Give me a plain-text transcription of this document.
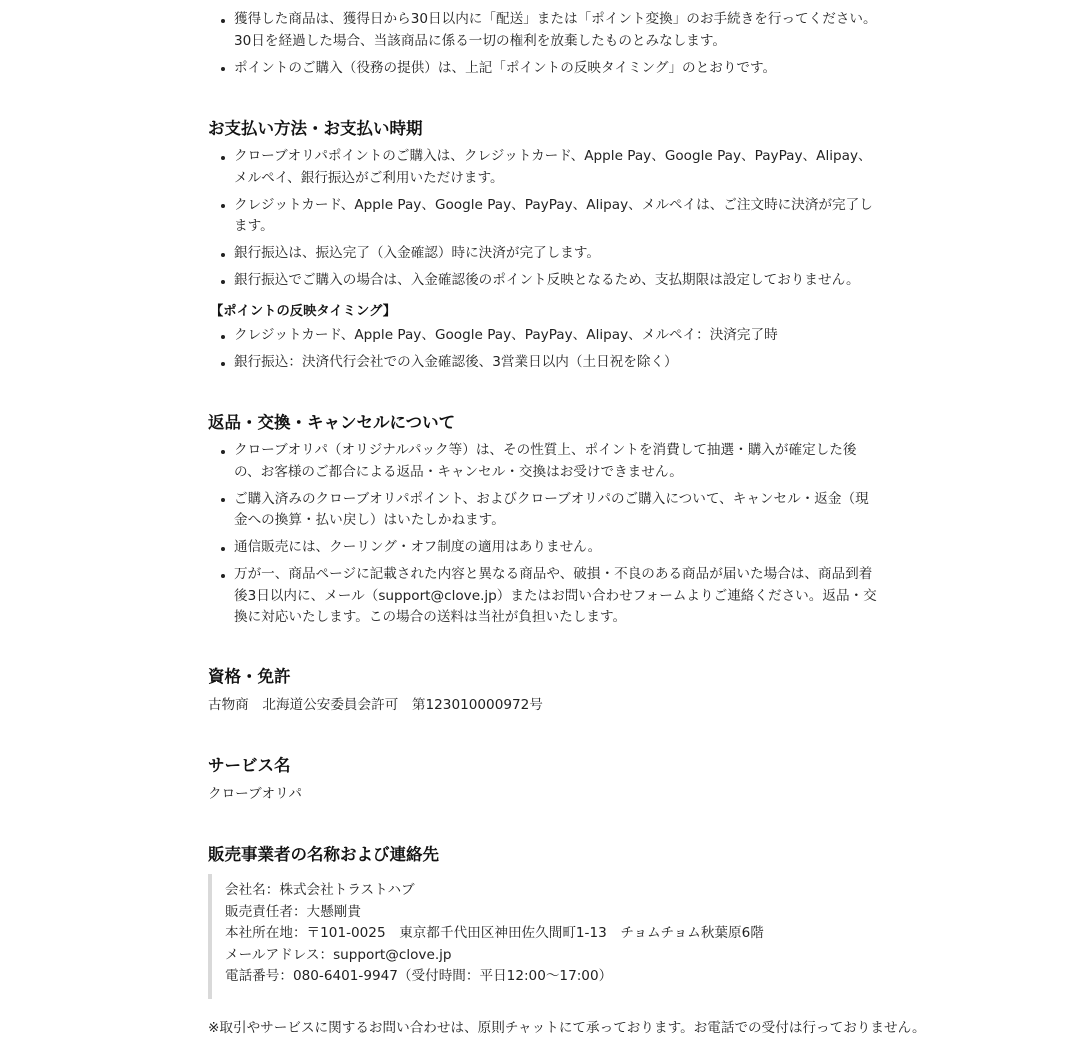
獲得した商品は、獲得日から30日以内に「配送」または「ポイント変換」のお手続きを行ってください。30日を経過した場合、当該商品に係る一切の権利を放棄したものとみなします。
ポイントのご購入（役務の提供）は、上記「ポイントの反映タイミング」のとおりです。
お支払い方法・お支払い時期
クローブオリパポイントのご購入は、クレジットカード、Apple Pay、Google Pay、PayPay、Alipay、メルペイ、銀行振込がご利用いただけます。
クレジットカード、Apple Pay、Google Pay、PayPay、Alipay、メルペイは、ご注文時に決済が完了します。
銀行振込は、振込完了（入金確認）時に決済が完了します。
銀行振込でご購入の場合は、入金確認後のポイント反映となるため、支払期限は設定しておりません。
【ポイントの反映タイミング】
クレジットカード、Apple Pay、Google Pay、PayPay、Alipay、メルペイ：決済完了時
銀行振込：決済代行会社での入金確認後、3営業日以内（土日祝を除く）
返品・交換・キャンセルについて
クローブオリパ（オリジナルパック等）は、その性質上、ポイントを消費して抽選・購入が確定した後の、お客様のご都合による返品・キャンセル・交換はお受けできません。
ご購入済みのクローブオリパポイント、およびクローブオリパのご購入について、キャンセル・返金（現金への換算・払い戻し）はいたしかねます。
通信販売には、クーリング・オフ制度の適用はありません。
万が一、商品ページに記載された内容と異なる商品や、破損・不良のある商品が届いた場合は、商品到着後3日以内に、メール（support@clove.jp）またはお問い合わせフォームよりご連絡ください。返品・交換に対応いたします。この場合の送料は当社が負担いたします。
資格・免許
古物商　北海道公安委員会許可　第123010000972号
サービス名
クローブオリパ
販売事業者の名称および連絡先
会社名：株式会社トラストハブ
販売責任者：大懸剛貴
本社所在地：〒101-0025　東京都千代田区神田佐久間町1-13　チョムチョム秋葉原6階
メールアドレス：support@clove.jp
電話番号：080-6401-9947（受付時間：平日12:00〜17:00）
※取引やサービスに関するお問い合わせは、原則チャットにて承っております。お電話での受付は行っておりません。
